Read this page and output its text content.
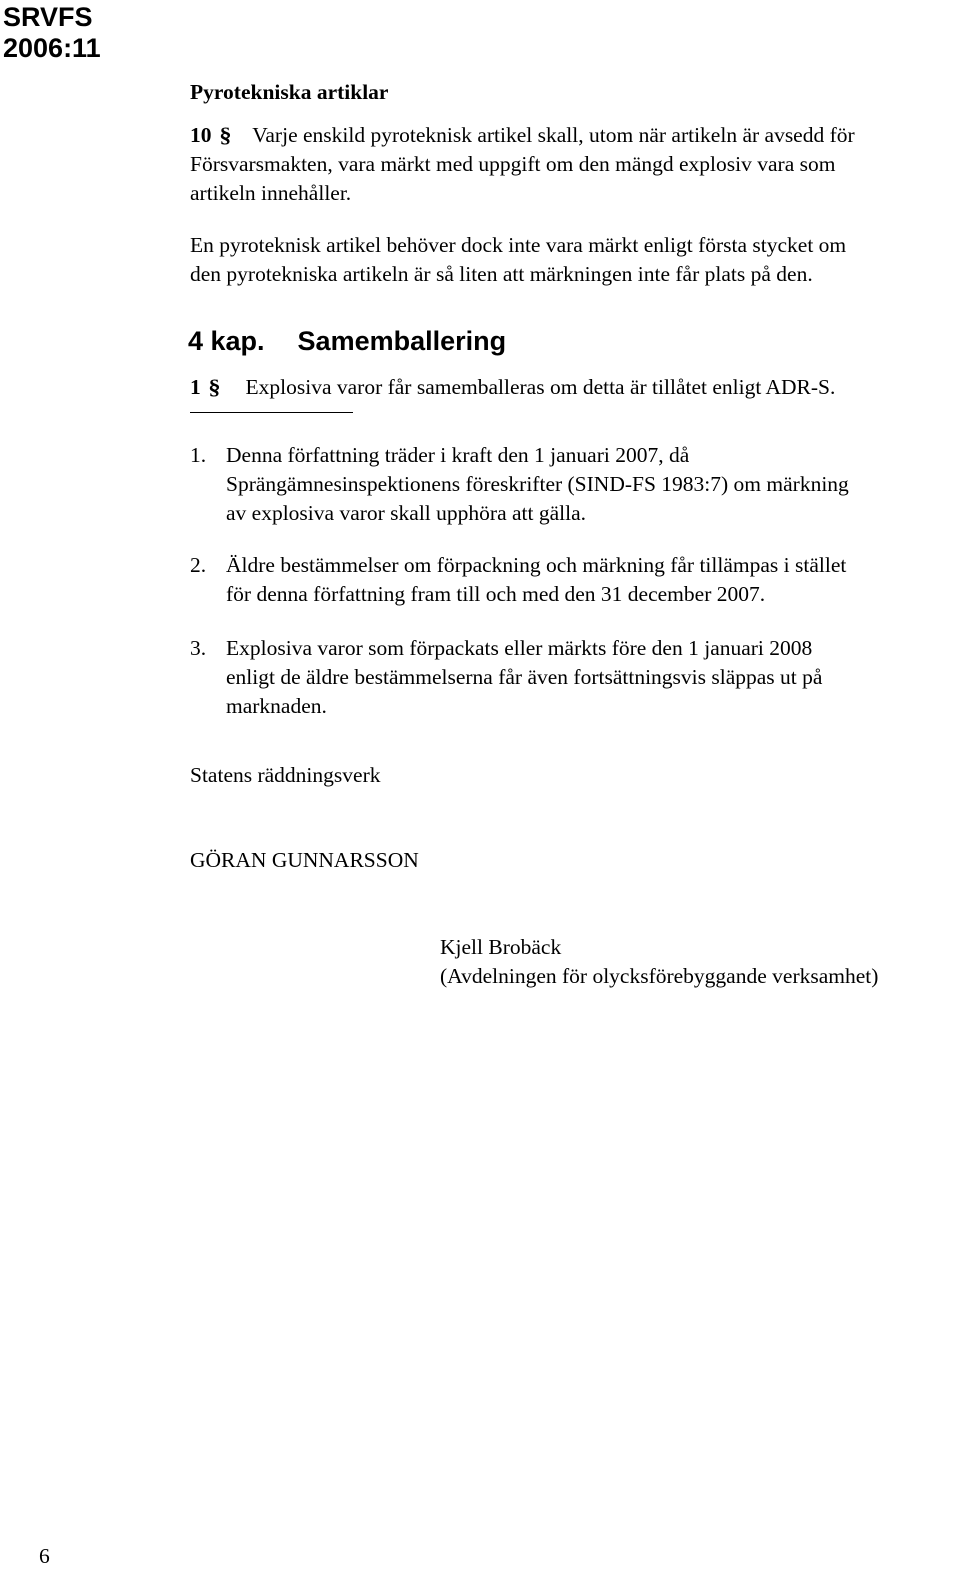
SRVFS
2006:11
Pyrotekniska artiklar
10 § Varje enskild pyroteknisk artikel skall, utom när artikeln är avsedd för
Försvarsmakten, vara märkt med uppgift om den mängd explosiv vara som
artikeln innehåller.
En pyroteknisk artikel behöver dock inte vara märkt enligt första stycket om
den pyrotekniska artikeln är så liten att märkningen inte får plats på den.
4 kap. Samemballering
1 § Explosiva varor får samemballeras om detta är tillåtet enligt ADR-S.
1. Denna författning träder i kraft den 1 januari 2007, då
Sprängämnesinspektionens föreskrifter (SIND-FS 1983:7) om märkning
av explosiva varor skall upphöra att gälla.
2. Äldre bestämmelser om förpackning och märkning får tillämpas i stället
för denna författning fram till och med den 31 december 2007.
3. Explosiva varor som förpackats eller märkts före den 1 januari 2008
enligt de äldre bestämmelserna får även fortsättningsvis släppas ut på
marknaden.
Statens räddningsverk
GÖRAN GUNNARSSON
Kjell Brobäck
(Avdelningen för olycksförebyggande verksamhet)
6
